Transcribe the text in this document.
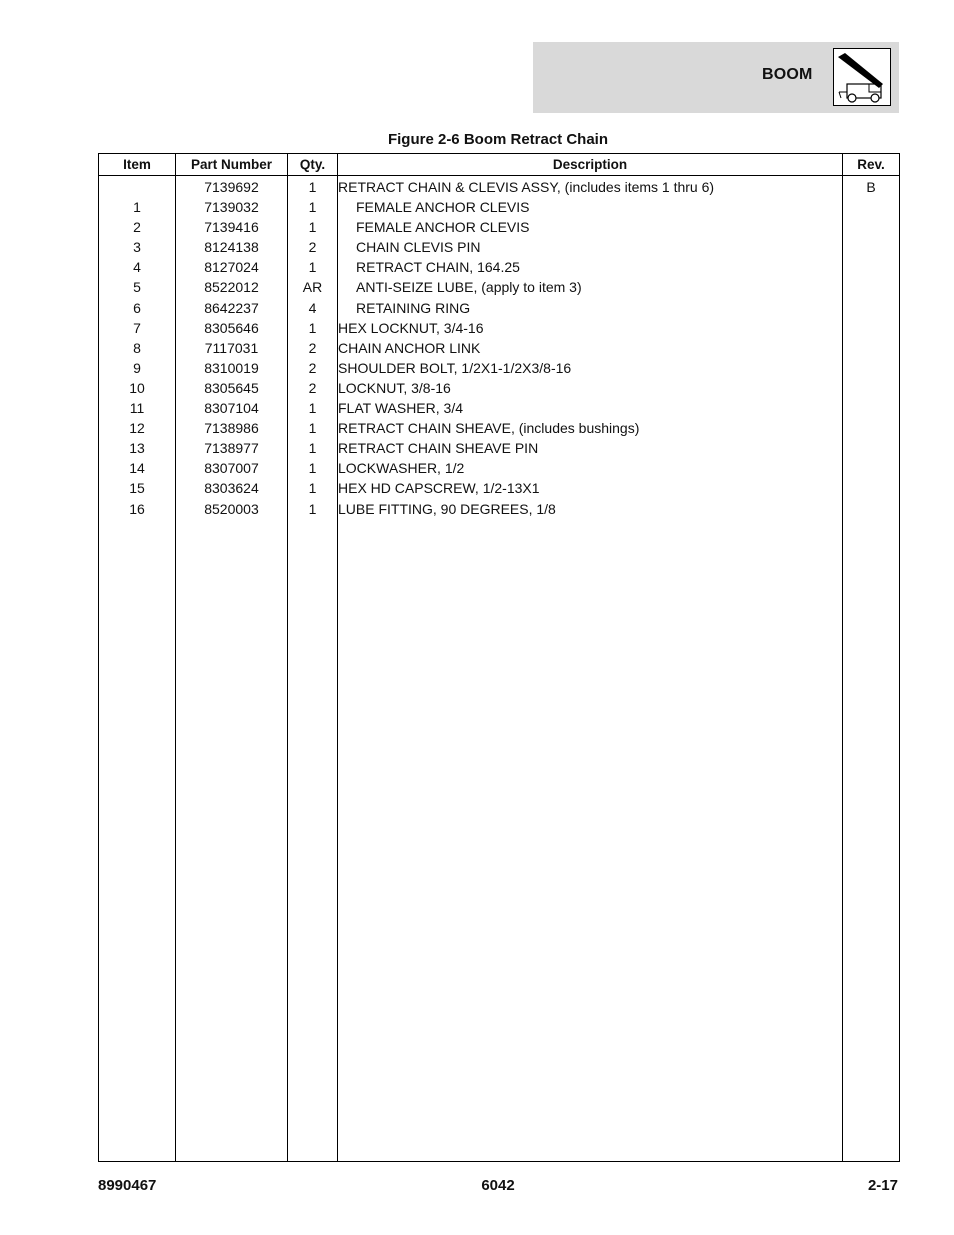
BOOM
Figure 2-6 Boom Retract Chain
Item	Part Number	Qty.	Description	Rev.
	7139692	1	RETRACT CHAIN & CLEVIS ASSY, (includes items 1 thru 6)	B
1	7139032	1	FEMALE ANCHOR CLEVIS	
2	7139416	1	FEMALE ANCHOR CLEVIS	
3	8124138	2	CHAIN CLEVIS PIN	
4	8127024	1	RETRACT CHAIN, 164.25	
5	8522012	AR	ANTI-SEIZE LUBE, (apply to item 3)	
6	8642237	4	RETAINING RING	
7	8305646	1	HEX LOCKNUT, 3/4-16	
8	7117031	2	CHAIN ANCHOR LINK	
9	8310019	2	SHOULDER BOLT, 1/2X1-1/2X3/8-16	
10	8305645	2	LOCKNUT, 3/8-16	
11	8307104	1	FLAT WASHER, 3/4	
12	7138986	1	RETRACT CHAIN SHEAVE, (includes bushings)	
13	7138977	1	RETRACT CHAIN SHEAVE PIN	
14	8307007	1	LOCKWASHER, 1/2	
15	8303624	1	HEX HD CAPSCREW, 1/2-13X1	
16	8520003	1	LUBE FITTING, 90 DEGREES, 1/8	

8990467	6042	2-17
